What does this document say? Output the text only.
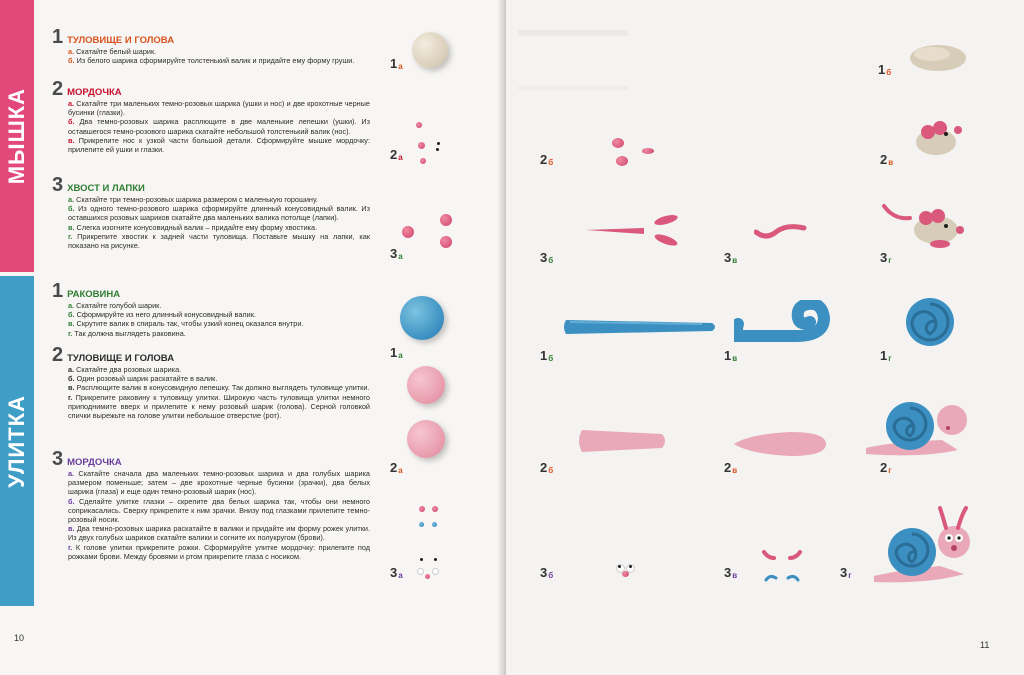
МЫШКА
УЛИТКА
1 ТУЛОВИЩЕ И ГОЛОВА
а. Скатайте белый шарик.
б. Из белого шарика сформируйте толстенький валик и придайте ему форму груши.
2 МОРДОЧКА
а. Скатайте три маленьких темно-розовых шарика (ушки и нос) и две крохотные черные бусинки (глазки).
б. Два темно-розовых шарика расплющите в две маленькие лепешки (ушки). Из оставшегося темно-розового шарика скатайте небольшой толстенький валик (нос).
в. Прикрепите нос к узкой части большой детали. Сформируйте мышке мордочку: прилепите ей ушки и глазки.
3 ХВОСТ И ЛАПКИ
а. Скатайте три темно-розовых шарика размером с маленькую горошину.
б. Из одного темно-розового шарика сформируйте длинный конусовидный валик. Из оставшихся розовых шариков скатайте два маленьких валика потолще (лапки).
в. Слегка изогните конусовидный валик – придайте ему форму хвостика.
г. Прикрепите хвостик к задней части туловища. Поставьте мышку на лапки, как показано на рисунке.
1 РАКОВИНА
а. Скатайте голубой шарик.
б. Сформируйте из него длинный конусовидный валик.
в. Скрутите валик в спираль так, чтобы узкий конец оказался внутри.
г. Так должна выглядеть раковина.
2 ТУЛОВИЩЕ И ГОЛОВА
а. Скатайте два розовых шарика.
б. Один розовый шарик раскатайте в валик.
в. Расплющите валик в конусовидную лепешку. Так должно выглядеть туловище улитки.
г. Прикрепите раковину к туловищу улитки. Широкую часть туловища улитки немного приподнимите вверх и прилепите к нему розовый шарик (голова). Серной головкой спички вырежьте на голове улитки небольшое отверстие (рот).
3 МОРДОЧКА
а. Скатайте сначала два маленьких темно-розовых шарика и два голубых шарика размером поменьше; затем – две крохотные черные бусинки (зрачки), два белых шарика (глаза) и еще один темно-розовый шарик (нос).
б. Сделайте улитке глазки – скрепите два белых шарика так, чтобы они немного соприкасались. Сверху прикрепите к ним зрачки. Внизу под глазками прилепите темно-розовый носик.
в. Два темно-розовых шарика раскатайте в валики и придайте им форму рожек улитки. Из двух голубых шариков скатайте валики и согните их полукругом (брови).
г. К голове улитки прикрепите рожки. Сформируйте улитке мордочку: прилепите под рожками брови. Между бровями и ртом прикрепите глаза с носиком.
$1_а$
$2_а$
$3_а$
$1_а$
$2_а$
$3_а$
10
$1_б$
$2_б$	$2_в$
$3_б$	$3_в$	$3_г$
$1_б$	$1_в$	$1_г$
$2_б$	$2_в$	$2_г$
$3_б$	$3_в$	$3_г$
11
